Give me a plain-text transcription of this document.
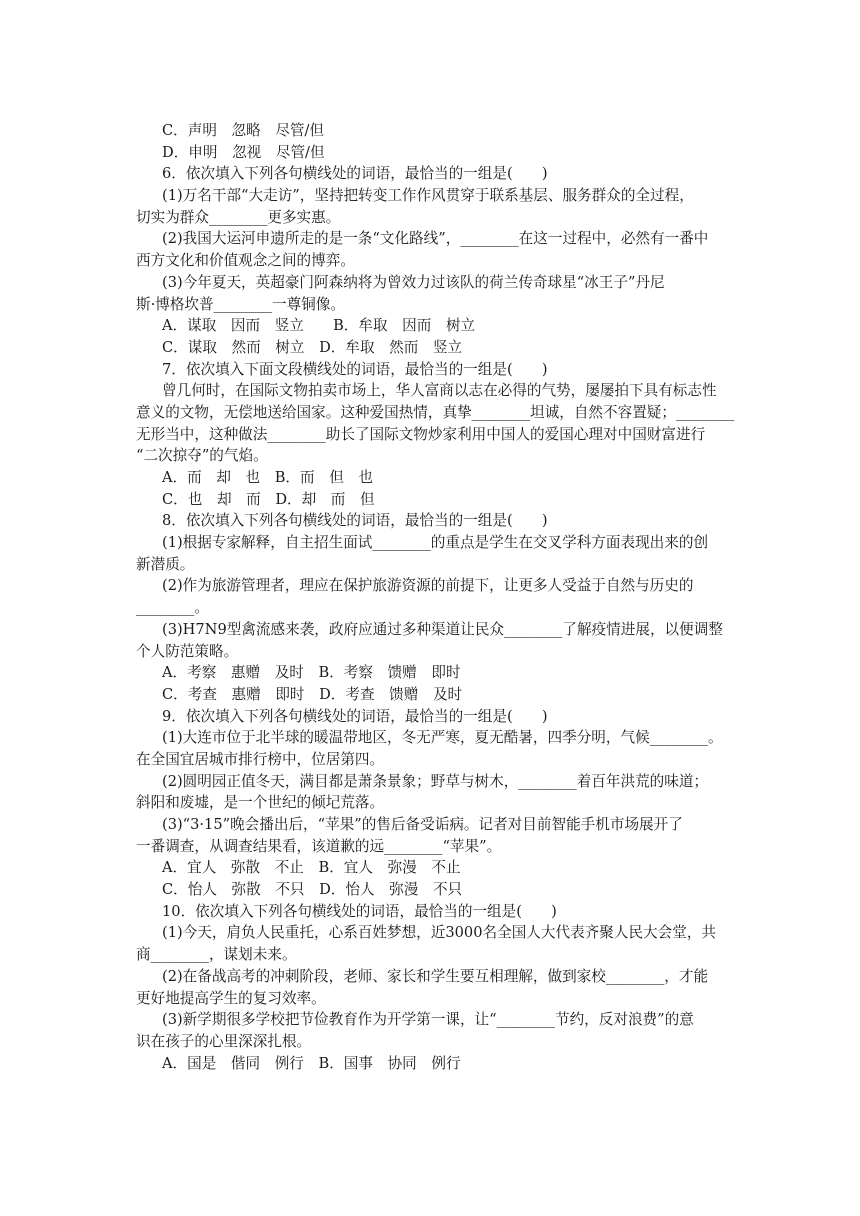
C．声明　忽略　尽管/但
D．申明　忽视　尽管/但
6．依次填入下列各句横线处的词语，最恰当的一组是(　　)
(1)万名干部“大走访”，坚持把转变工作作风贯穿于联系基层、服务群众的全过程，
切实为群众________更多实惠。
(2)我国大运河申遗所走的是一条“文化路线”，________在这一过程中，必然有一番中
西方文化和价值观念之间的博弈。
(3)今年夏天，英超豪门阿森纳将为曾效力过该队的荷兰传奇球星“冰王子”丹尼
斯·博格坎普________一尊铜像。
A．谋取　因而　竖立　　B．牟取　因而　树立
C．谋取　然而　树立　D．牟取　然而　竖立
7．依次填入下面文段横线处的词语，最恰当的一组是(　　)
曾几何时，在国际文物拍卖市场上，华人富商以志在必得的气势，屡屡拍下具有标志性
意义的文物，无偿地送给国家。这种爱国热情，真挚________坦诚，自然不容置疑；________
无形当中，这种做法________助长了国际文物炒家利用中国人的爱国心理对中国财富进行
“二次掠夺”的气焰。
A．而　却　也　B．而　但　也
C．也　却　而　D．却　而　但
8．依次填入下列各句横线处的词语，最恰当的一组是(　　)
(1)根据专家解释，自主招生面试________的重点是学生在交叉学科方面表现出来的创
新潜质。
(2)作为旅游管理者，理应在保护旅游资源的前提下，让更多人受益于自然与历史的
________。
(3)H7N9型禽流感来袭，政府应通过多种渠道让民众________了解疫情进展，以便调整
个人防范策略。
A．考察　惠赠　及时　B．考察　馈赠　即时
C．考查　惠赠　即时　D．考查　馈赠　及时
9．依次填入下列各句横线处的词语，最恰当的一组是(　　)
(1)大连市位于北半球的暖温带地区，冬无严寒，夏无酷暑，四季分明，气候________。
在全国宜居城市排行榜中，位居第四。
(2)圆明园正值冬天，满目都是萧条景象；野草与树木，________着百年洪荒的味道；
斜阳和废墟，是一个世纪的倾圮荒落。
(3)“3·15”晚会播出后，“苹果”的售后备受诟病。记者对目前智能手机市场展开了
一番调查，从调查结果看，该道歉的远________“苹果”。
A．宜人　弥散　不止　B．宜人　弥漫　不止
C．怡人　弥散　不只　D．怡人　弥漫　不只
10．依次填入下列各句横线处的词语，最恰当的一组是(　　)
(1)今天，肩负人民重托，心系百姓梦想，近3000名全国人大代表齐聚人民大会堂，共
商________，谋划未来。
(2)在备战高考的冲刺阶段，老师、家长和学生要互相理解，做到家校________，才能
更好地提高学生的复习效率。
(3)新学期很多学校把节俭教育作为开学第一课，让“________节约，反对浪费”的意
识在孩子的心里深深扎根。
A．国是　偕同　例行　B．国事　协同　例行
